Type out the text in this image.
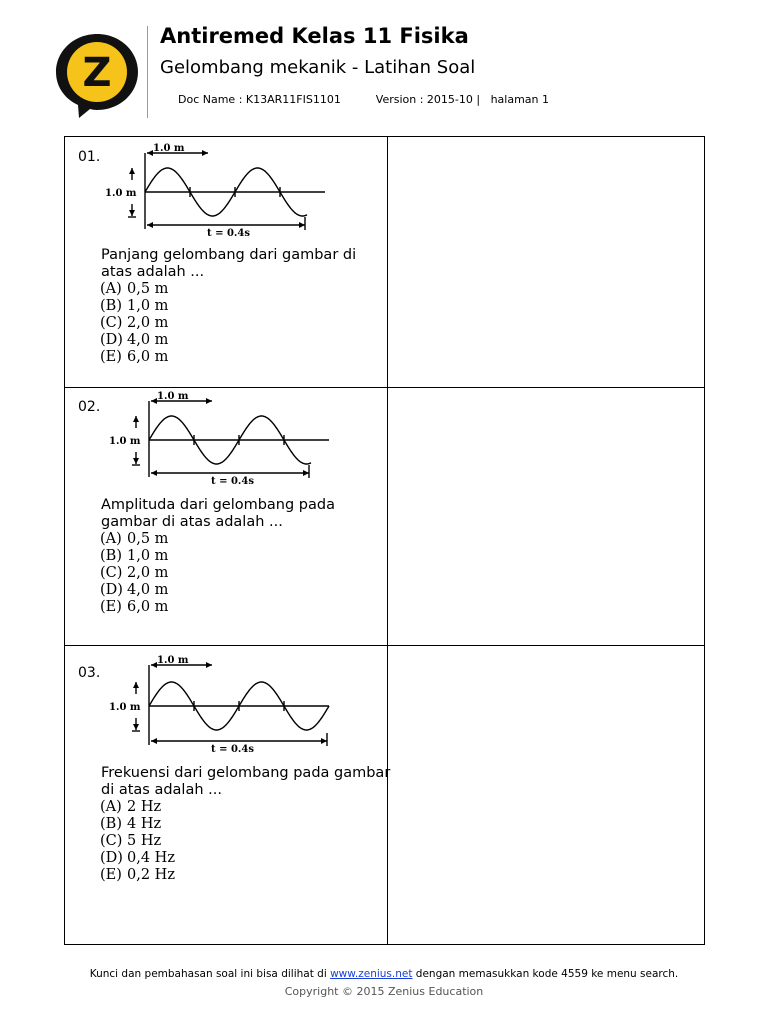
Z
Antiremed Kelas 11 Fisika
Gelombang mekanik - Latihan Soal
Doc Name : K13AR11FIS1101          Version : 2015-10 |   halaman 1
01.
1.0 m
1.0 m
t = 0.4s
Panjang gelombang dari gambar di atas adalah ...
(A) 0,5 m
(B) 1,0 m
(C) 2,0 m
(D) 4,0 m
(E) 6,0 m
02.
1.0 m
1.0 m
t = 0.4s
Amplituda dari gelombang pada gambar di atas adalah ...
(A) 0,5 m
(B) 1,0 m
(C) 2,0 m
(D) 4,0 m
(E) 6,0 m
03.
1.0 m
1.0 m
t = 0.4s
Frekuensi dari gelombang pada gambar di atas adalah ...
(A) 2 Hz
(B) 4 Hz
(C) 5 Hz
(D) 0,4 Hz
(E) 0,2 Hz
Kunci dan pembahasan soal ini bisa dilihat di www.zenius.net dengan memasukkan kode 4559 ke menu search.
Copyright © 2015 Zenius Education
